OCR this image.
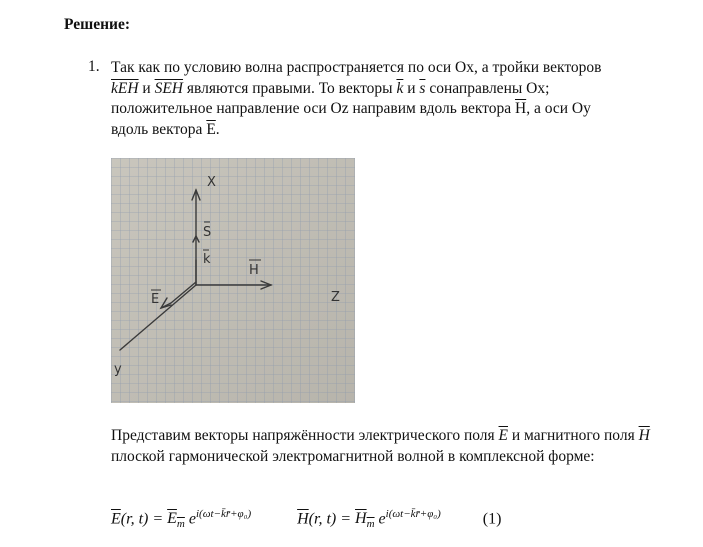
Решение:
1. Так как по условию волна распространяется по оси Ox, а тройки векторов
$\overline{kEH}$ и $\overline{SEH}$ являются правыми. То векторы $\overline{k}$ и $\overline{s}$ сонаправлены Ox;
положительное направление оси Oz направим вдоль вектора $\overline{H}$, а оси Oy
вдоль вектора $\overline{E}$.
X
S
k
H
Z
E
y
Представим векторы напряжённости электрического поля $\overline{E}$ и магнитного поля $\overline{H}$ плоской гармонической электромагнитной волной в комплексной форме:
$\overline{E}(r$, $t) = E_m$ $e^{i(\omega t-k̄r̄+\varphi_0)}$	$\overline{H}(r$, $t) = H_m$ $e^{i(\omega t-k̄r̄+\varphi_0)}$	(1)
